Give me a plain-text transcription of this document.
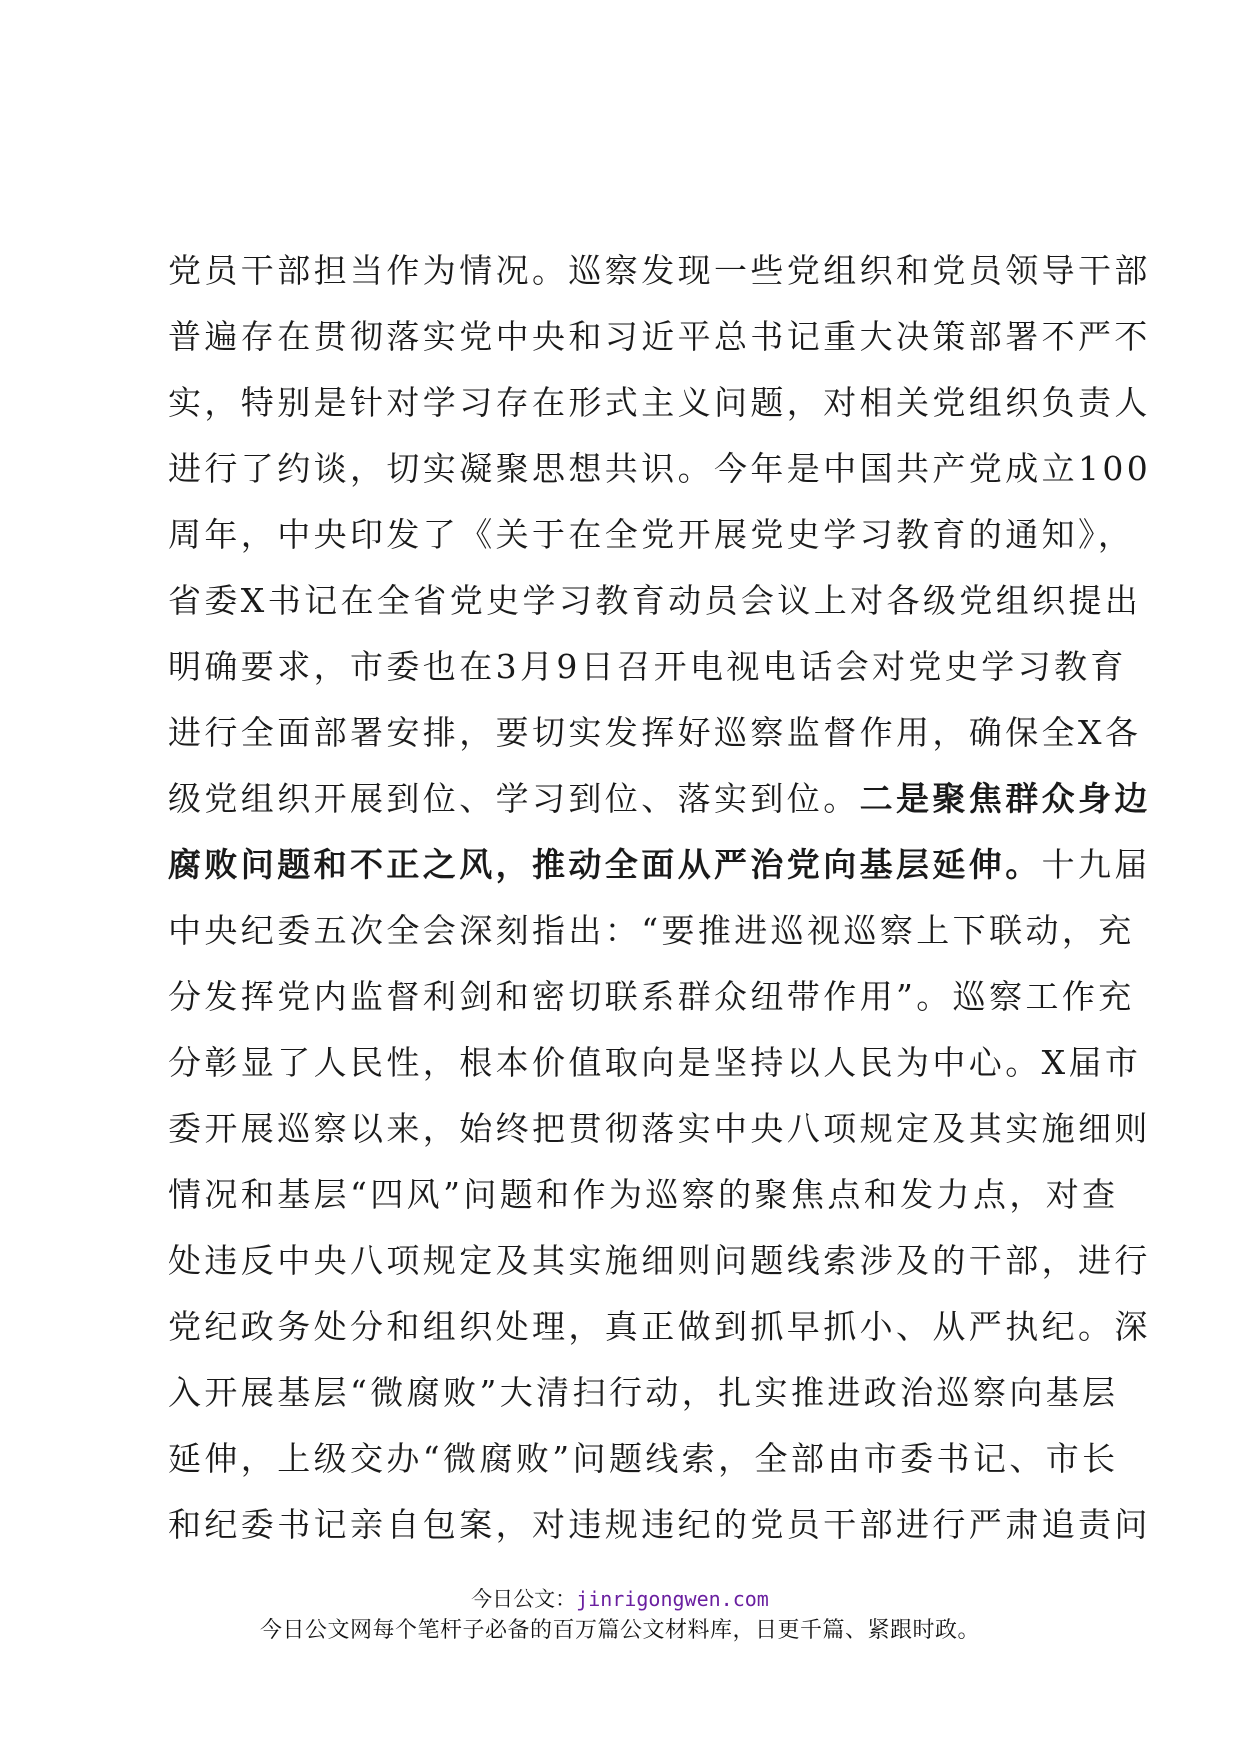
党员干部担当作为情况。巡察发现一些党组织和党员领导干部
普遍存在贯彻落实党中央和习近平总书记重大决策部署不严不
实，特别是针对学习存在形式主义问题，对相关党组织负责人
进行了约谈，切实凝聚思想共识。今年是中国共产党成立100
周年，中央印发了《关于在全党开展党史学习教育的通知》，
省委X书记在全省党史学习教育动员会议上对各级党组织提出
明确要求，市委也在3月9日召开电视电话会对党史学习教育
进行全面部署安排，要切实发挥好巡察监督作用，确保全X各
级党组织开展到位、学习到位、落实到位。二是聚焦群众身边
腐败问题和不正之风，推动全面从严治党向基层延伸。十九届
中央纪委五次全会深刻指出：“要推进巡视巡察上下联动，充
分发挥党内监督利剑和密切联系群众纽带作用”。巡察工作充
分彰显了人民性，根本价值取向是坚持以人民为中心。X届市
委开展巡察以来，始终把贯彻落实中央八项规定及其实施细则
情况和基层“四风”问题和作为巡察的聚焦点和发力点，对查
处违反中央八项规定及其实施细则问题线索涉及的干部，进行
党纪政务处分和组织处理，真正做到抓早抓小、从严执纪。深
入开展基层“微腐败”大清扫行动，扎实推进政治巡察向基层
延伸，上级交办“微腐败”问题线索，全部由市委书记、市长
和纪委书记亲自包案，对违规违纪的党员干部进行严肃追责问
今日公文：jinrigongwen.com
今日公文网每个笔杆子必备的百万篇公文材料库，日更千篇、紧跟时政。
